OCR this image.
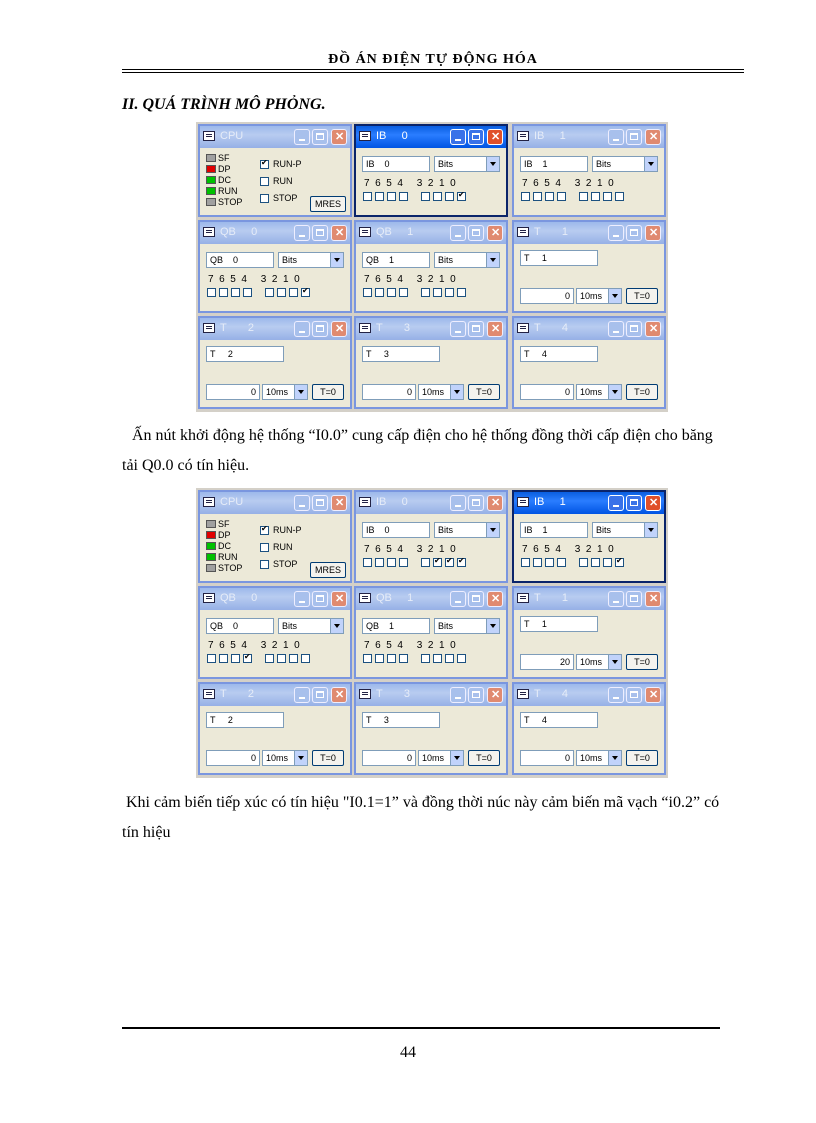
ĐỒ ÁN ĐIỆN TỰ ĐỘNG HÓA
II. QUÁ TRÌNH MÔ PHỎNG.
CPU
✕
SF
DP
DC
RUN
STOP
✔
RUN-P
RUN
STOP
MRES
IB     0
✕
IB    0	Bits
7  6  5  4     3  2  1  0
✔
IB     1
✕
IB    1	Bits
7  6  5  4     3  2  1  0
QB     0
✕
QB    0	Bits
7  6  5  4     3  2  1  0
✔
QB     1
✕
QB    1	Bits
7  6  5  4     3  2  1  0
T       1
✕
T     1
0	10ms	T=0
T       2
✕
T     2
0	10ms	T=0
T       3
✕
T     3
0	10ms	T=0
T       4
✕
T     4
0	10ms	T=0
Ấn nút khởi động hệ thống “I0.0” cung cấp điện cho hệ thống đồng thời cấp điện cho băng tải Q0.0 có tín hiệu.
CPU
✕
SF
DP
DC
RUN
STOP
✔
RUN-P
RUN
STOP
MRES
IB     0
✕
IB    0	Bits
7  6  5  4     3  2  1  0
✔
✔
✔
IB     1
✕
IB    1	Bits
7  6  5  4     3  2  1  0
✔
QB     0
✕
QB    0	Bits
7  6  5  4     3  2  1  0
✔
QB     1
✕
QB    1	Bits
7  6  5  4     3  2  1  0
T       1
✕
T     1
20	10ms	T=0
T       2
✕
T     2
0	10ms	T=0
T       3
✕
T     3
0	10ms	T=0
T       4
✕
T     4
0	10ms	T=0
Khi cảm biến tiếp xúc có tín hiệu "I0.1=1” và đồng thời núc này cảm biến mã vạch “i0.2” có tín hiệu
44
